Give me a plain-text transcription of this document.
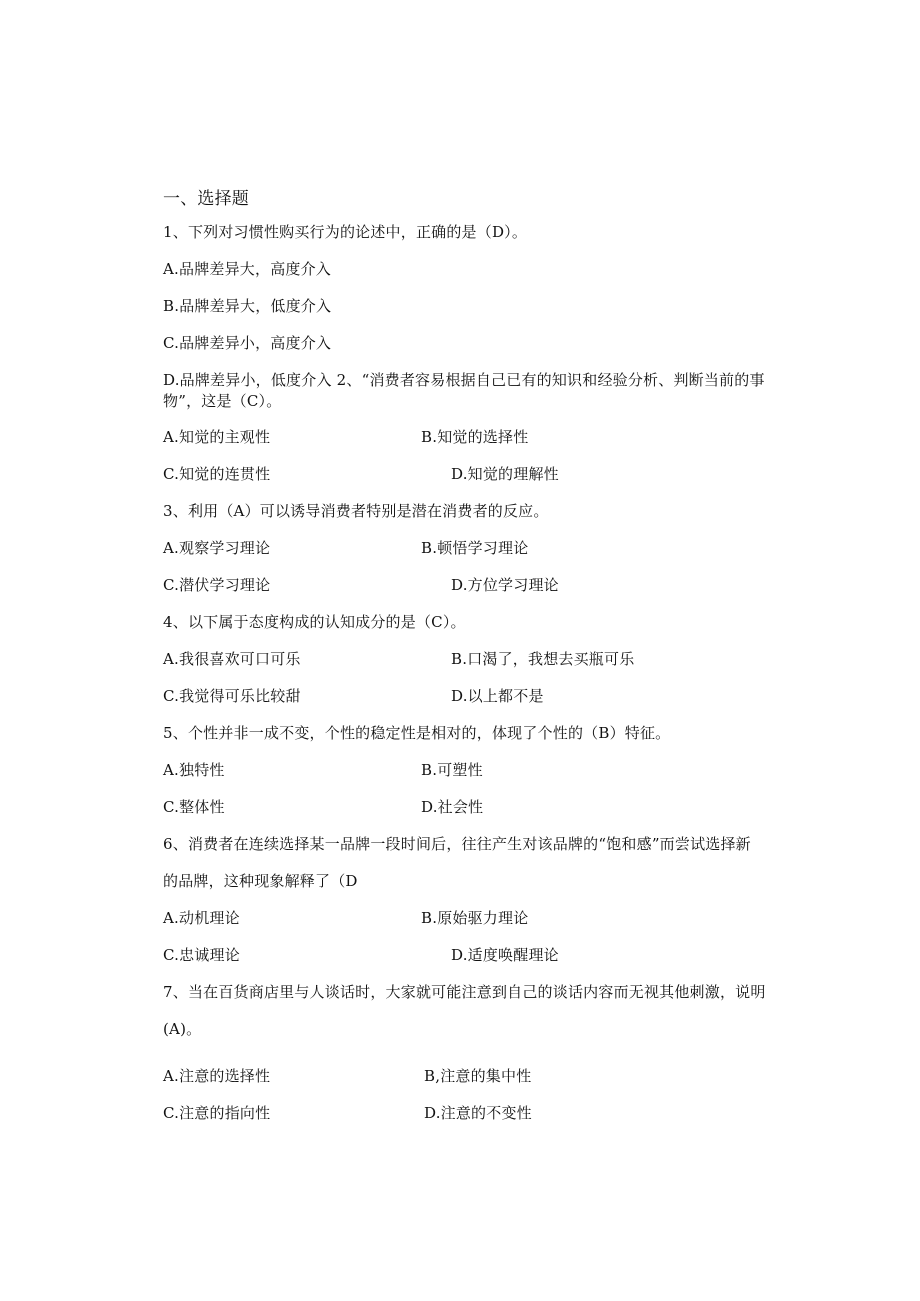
一、选择题
1、下列对习惯性购买行为的论述中，正确的是（D）。
A.品牌差异大，高度介入
B.品牌差异大，低度介入
C.品牌差异小，高度介入
D.品牌差异小，低度介入 2、“消费者容易根据自己已有的知识和经验分析、判断当前的事
物”，这是（C）。
A.知觉的主观性	B.知觉的选择性
C.知觉的连贯性	D.知觉的理解性
3、利用（A）可以诱导消费者特别是潜在消费者的反应。
A.观察学习理论	B.顿悟学习理论
C.潜伏学习理论	D.方位学习理论
4、以下属于态度构成的认知成分的是（C）。
A.我很喜欢可口可乐	B.口渴了，我想去买瓶可乐
C.我觉得可乐比较甜	D.以上都不是
5、个性并非一成不变，个性的稳定性是相对的，体现了个性的（B）特征。
A.独特性	B.可塑性
C.整体性	D.社会性
6、消费者在连续选择某一品牌一段时间后，往往产生对该品牌的“饱和感”而尝试选择新
的品牌，这种现象解释了（D
A.动机理论	B.原始驱力理论
C.忠诚理论	D.适度唤醒理论
7、当在百货商店里与人谈话时，大家就可能注意到自己的谈话内容而无视其他刺激，说明
(A)。
A.注意的选择性	B,注意的集中性
C.注意的指向性	D.注意的不变性
